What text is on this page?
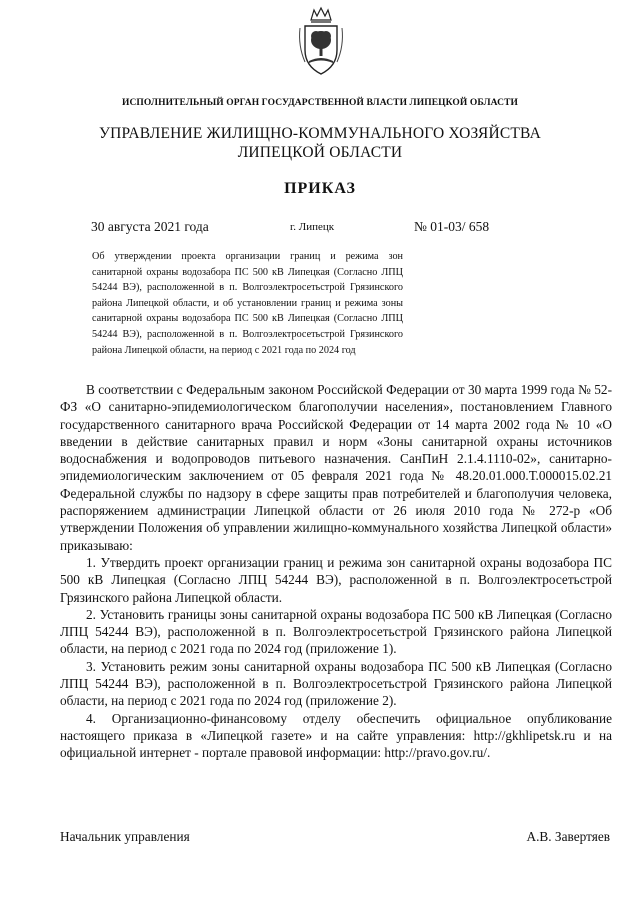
ИСПОЛНИТЕЛЬНЫЙ ОРГАН ГОСУДАРСТВЕННОЙ ВЛАСТИ ЛИПЕЦКОЙ ОБЛАСТИ
УПРАВЛЕНИЕ ЖИЛИЩНО-КОММУНАЛЬНОГО ХОЗЯЙСТВА
ЛИПЕЦКОЙ ОБЛАСТИ
ПРИКАЗ
30 августа 2021 года	г. Липецк	№ 01-03/ 658
Об утверждении проекта организации границ и режима зон санитарной охраны водозабора ПС 500 кВ Липецкая (Согласно ЛПЦ 54244 ВЭ), расположенной в п. Волгоэлектросетьстрой Грязинского района Липецкой области, и об установлении границ и режима зоны санитарной охраны водозабора ПС 500 кВ Липецкая (Согласно ЛПЦ 54244 ВЭ), расположенной в п. Волгоэлектросетьстрой Грязинского района Липецкой области, на период с 2021 года по 2024 год

В соответствии с Федеральным законом Российской Федерации от 30 марта 1999 года № 52-ФЗ «О санитарно-эпидемиологическом благополучии населения», постановлением Главного государственного санитарного врача Российской Федерации от 14 марта 2002 года № 10 «О введении в действие санитарных правил и норм «Зоны санитарной охраны источников водоснабжения и водопроводов питьевого назначения. СанПиН 2.1.4.1110-02», санитарно-эпидемиологическим заключением от 05 февраля 2021 года № 48.20.01.000.Т.000015.02.21 Федеральной службы по надзору в сфере защиты прав потребителей и благополучия человека, распоряжением администрации Липецкой области от 26 июля 2010 года № 272-р «Об утверждении Положения об управлении жилищно-коммунального хозяйства Липецкой области» приказываю:

1. Утвердить проект организации границ и режима зон санитарной охраны водозабора ПС 500 кВ Липецкая (Согласно ЛПЦ 54244 ВЭ), расположенной в п. Волгоэлектросетьстрой Грязинского района Липецкой области.

2. Установить границы зоны санитарной охраны водозабора ПС 500 кВ Липецкая (Согласно ЛПЦ 54244 ВЭ), расположенной в п. Волгоэлектросетьстрой Грязинского района Липецкой области, на период с 2021 года по 2024 год (приложение 1).

3. Установить режим зоны санитарной охраны водозабора ПС 500 кВ Липецкая (Согласно ЛПЦ 54244 ВЭ), расположенной в п. Волгоэлектросетьстрой Грязинского района Липецкой области, на период с 2021 года по 2024 год (приложение 2).

4. Организационно-финансовому отделу обеспечить официальное опубликование настоящего приказа в «Липецкой газете» и на сайте управления: http://gkhlipetsk.ru и на официальной интернет - портале правовой информации: http://pravo.gov.ru/.

Начальник управления	А.В. Завертяев
